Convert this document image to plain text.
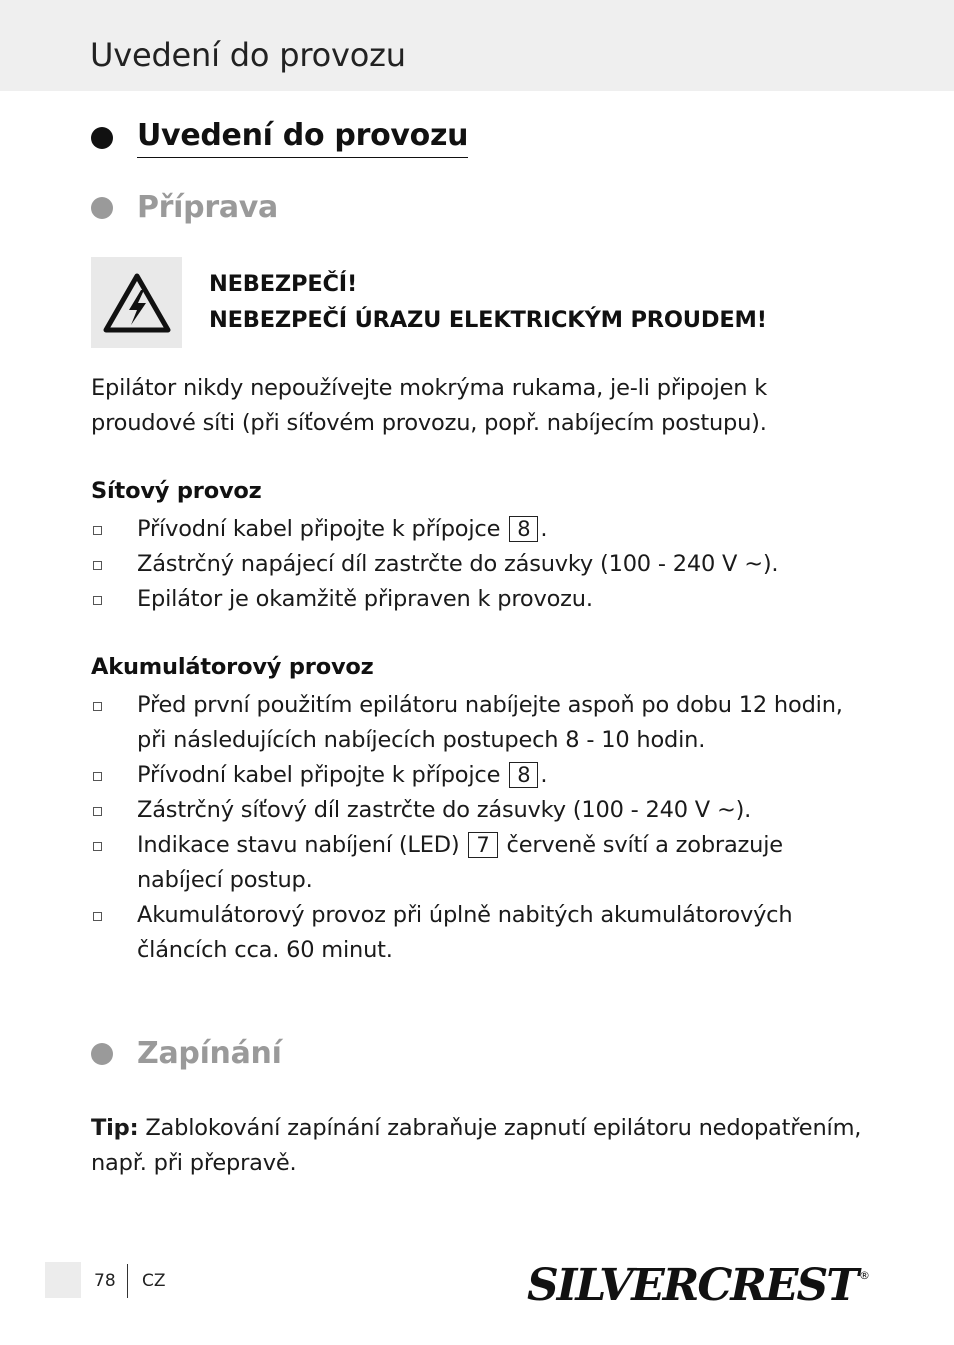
Uvedení do provozu
Uvedení do provozu
Příprava
NEBEZPEČÍ!
NEBEZPEČÍ ÚRAZU ELEKTRICKÝM PROUDEM!
Epilátor nikdy nepoužívejte mokrýma rukama, je-li připojen k proudové síti (při síťovém provozu, popř. nabíjecím postupu).
Sítový provoz
Přívodní kabel připojte k přípojce 8 .
Zástrčný napájecí díl zastrčte do zásuvky (100 - 240 V ~).
Epilátor je okamžitě připraven k provozu.
Akumulátorový provoz
Před první použitím epilátoru nabíjejte aspoň po dobu 12 hodin, při následujících nabíjecích postupech 8 - 10 hodin.
Přívodní kabel připojte k přípojce 8 .
Zástrčný síťový díl zastrčte do zásuvky (100 - 240 V ~).
Indikace stavu nabíjení (LED) 7 červeně svítí a zobrazuje nabíjecí postup.
Akumulátorový provoz při úplně nabitých akumulátorových článcích cca. 60 minut.
Zapínání
Tip: Zablokování zapínání zabraňuje zapnutí epilátoru nedopatřením, např. při přepravě.
78 CZ	SILVERCREST ®
